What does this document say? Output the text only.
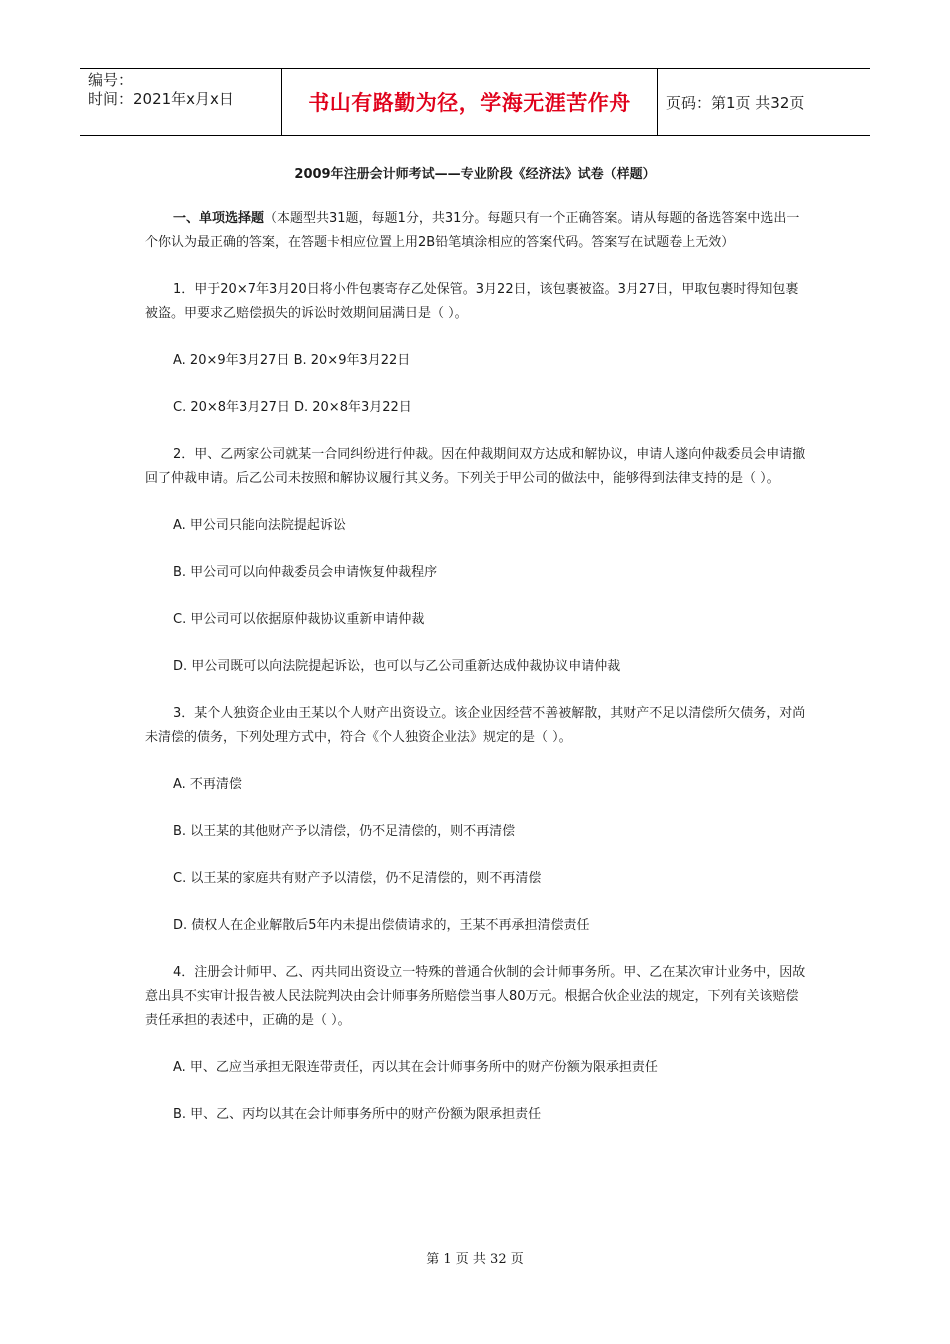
编号：
时间：2021年x月x日	书山有路勤为径，学海无涯苦作舟 页码：第1页 共32页
2009年注册会计师考试——专业阶段《经济法》试卷（样题）

一、单项选择题（本题型共31题，每题1分，共31分。每题只有一个正确答案。请从每题的备选答案中选出一个你认为最正确的答案，在答题卡相应位置上用2B铅笔填涂相应的答案代码。答案写在试题卷上无效）

1．甲于20×7年3月20日将小件包裹寄存乙处保管。3月22日，该包裹被盗。3月27日，甲取包裹时得知包裹被盗。甲要求乙赔偿损失的诉讼时效期间届满日是（ ）。

A. 20×9年3月27日 B. 20×9年3月22日

C. 20×8年3月27日 D. 20×8年3月22日

2．甲、乙两家公司就某一合同纠纷进行仲裁。因在仲裁期间双方达成和解协议，申请人遂向仲裁委员会申请撤回了仲裁申请。后乙公司未按照和解协议履行其义务。下列关于甲公司的做法中，能够得到法律支持的是（ ）。

A. 甲公司只能向法院提起诉讼

B. 甲公司可以向仲裁委员会申请恢复仲裁程序

C. 甲公司可以依据原仲裁协议重新申请仲裁

D. 甲公司既可以向法院提起诉讼，也可以与乙公司重新达成仲裁协议申请仲裁

3．某个人独资企业由王某以个人财产出资设立。该企业因经营不善被解散，其财产不足以清偿所欠债务，对尚未清偿的债务，下列处理方式中，符合《个人独资企业法》规定的是（ ）。

A. 不再清偿

B. 以王某的其他财产予以清偿，仍不足清偿的，则不再清偿

C. 以王某的家庭共有财产予以清偿，仍不足清偿的，则不再清偿

D. 债权人在企业解散后5年内未提出偿债请求的，王某不再承担清偿责任

4．注册会计师甲、乙、丙共同出资设立一特殊的普通合伙制的会计师事务所。甲、乙在某次审计业务中，因故意出具不实审计报告被人民法院判决由会计师事务所赔偿当事人80万元。根据合伙企业法的规定，下列有关该赔偿责任承担的表述中，正确的是（ ）。

A. 甲、乙应当承担无限连带责任，丙以其在会计师事务所中的财产份额为限承担责任

B. 甲、乙、丙均以其在会计师事务所中的财产份额为限承担责任

第 1 页 共 32 页
